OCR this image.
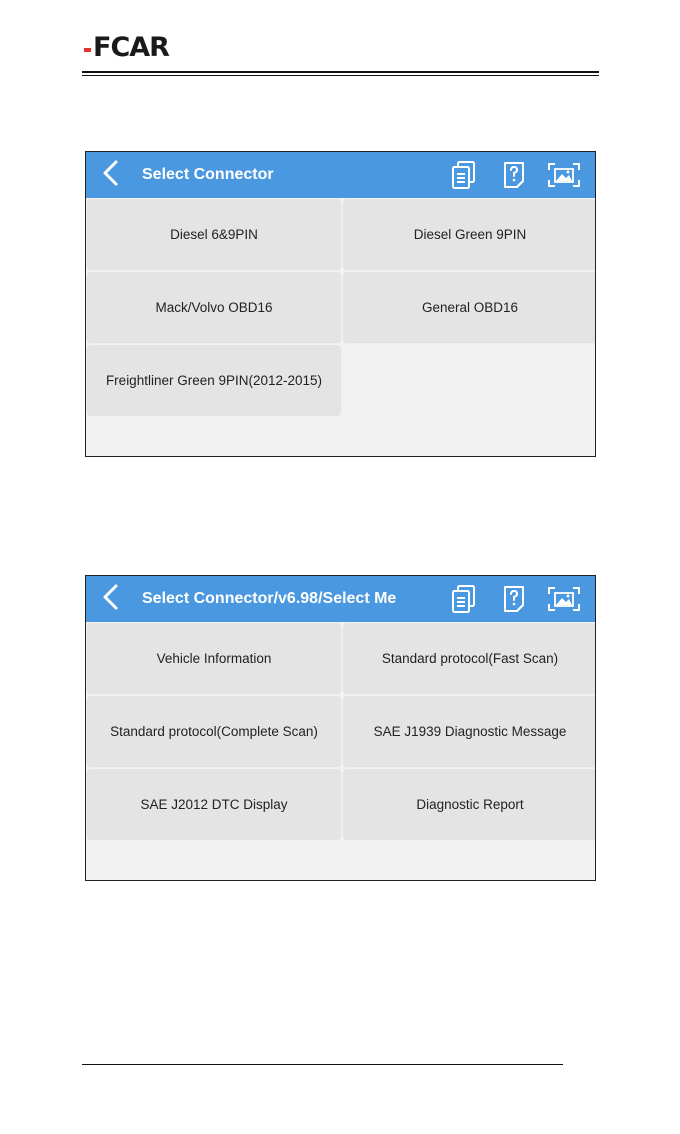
FCAR
Select Connector
Diesel 6&9PIN	Diesel Green 9PIN
Mack/Volvo OBD16	General OBD16
Freightliner Green 9PIN(2012-2015)
Select Connector/v6.98/Select Me
Vehicle Information	Standard protocol(Fast Scan)
Standard protocol(Complete Scan)	SAE J1939 Diagnostic Message
SAE J2012 DTC Display	Diagnostic Report
